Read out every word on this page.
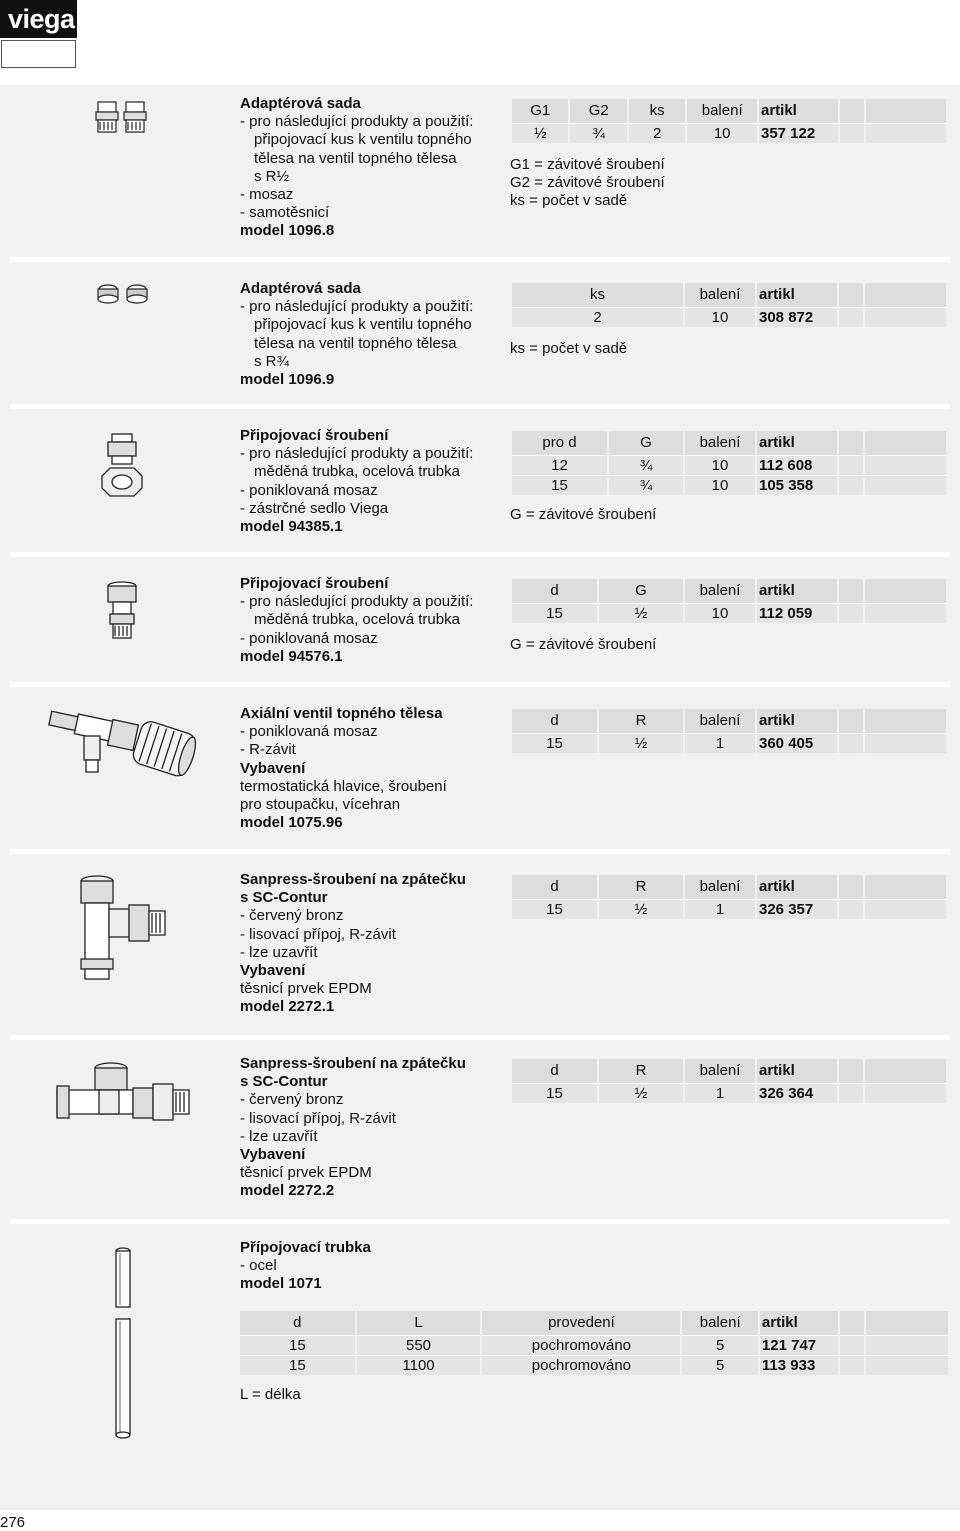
viega
Adaptérová sada
- pro následující produkty a použití:
připojovací kus k ventilu topného
tělesa na ventil topného tělesa
s R½
- mosaz
- samotěsnicí
model 1096.8
G1	G2	ks	balení	artikl		
½	¾	2	10	357 122		
G1 = závitové šroubení
G2 = závitové šroubení
ks = počet v sadě
Adaptérová sada
- pro následující produkty a použití:
připojovací kus k ventilu topného
tělesa na ventil topného tělesa
s R¾
model 1096.9
ks	balení	artikl		
2	10	308 872		
ks = počet v sadě
Připojovací šroubení
- pro následující produkty a použití:
měděná trubka, ocelová trubka
- poniklovaná mosaz
- zástrčné sedlo Viega
model 94385.1
pro d	G	balení	artikl		
12	¾	10	112 608		
15	¾	10	105 358		
G = závitové šroubení
Připojovací šroubení
- pro následující produkty a použití:
měděná trubka, ocelová trubka
- poniklovaná mosaz
model 94576.1
d	G	balení	artikl		
15	½	10	112 059		
G = závitové šroubení
Axiální ventil topného tělesa
- poniklovaná mosaz
- R-závit
Vybavení
termostatická hlavice, šroubení
pro stoupačku, vícehran
model 1075.96
d	R	balení	artikl		
15	½	1	360 405		
Sanpress-šroubení na zpátečku
s SC-Contur
- červený bronz
- lisovací přípoj, R-závit
- lze uzavřít
Vybavení
těsnicí prvek EPDM
model 2272.1
d	R	balení	artikl		
15	½	1	326 357		
Sanpress-šroubení na zpátečku
s SC-Contur
- červený bronz
- lisovací přípoj, R-závit
- lze uzavřít
Vybavení
těsnicí prvek EPDM
model 2272.2
d	R	balení	artikl		
15	½	1	326 364		
Přípojovací trubka
- ocel
model 1071
d	L	provedení	balení	artikl		
15	550	pochromováno	5	121 747		
15	1100	pochromováno	5	113 933		
L = délka
276
